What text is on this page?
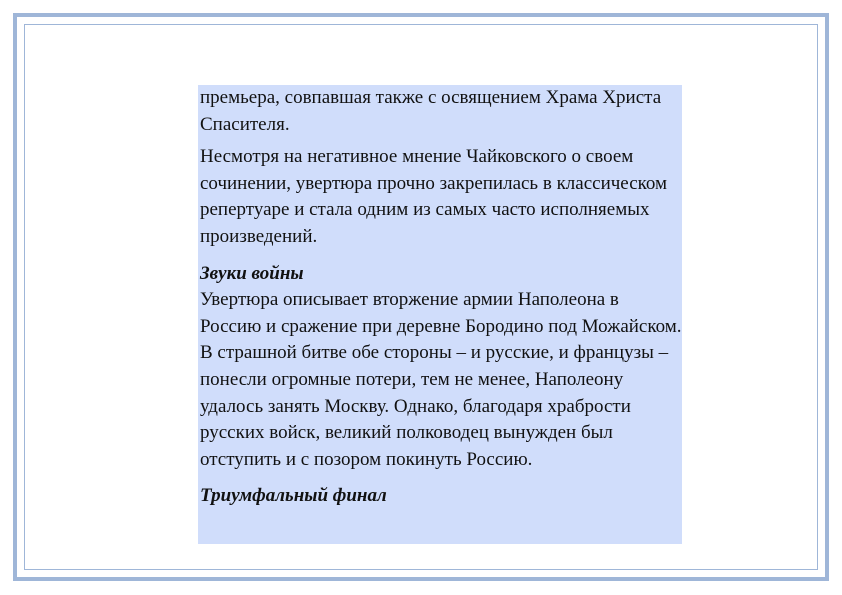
премьера, совпавшая также с освящением Храма Христа Спасителя.

Несмотря на негативное мнение Чайковского о своем сочинении, увертюра прочно закрепилась в классическом репертуаре и стала одним из самых часто исполняемых произведений.

Звуки войны

Увертюра описывает вторжение армии Наполеона в Россию и сражение при деревне Бородино под Можайском. В страшной битве обе стороны – и русские, и французы – понесли огромные потери, тем не менее, Наполеону удалось занять Москву. Однако, благодаря храбрости русских войск, великий полководец вынужден был отступить и с позором покинуть Россию.

Триумфальный финал
